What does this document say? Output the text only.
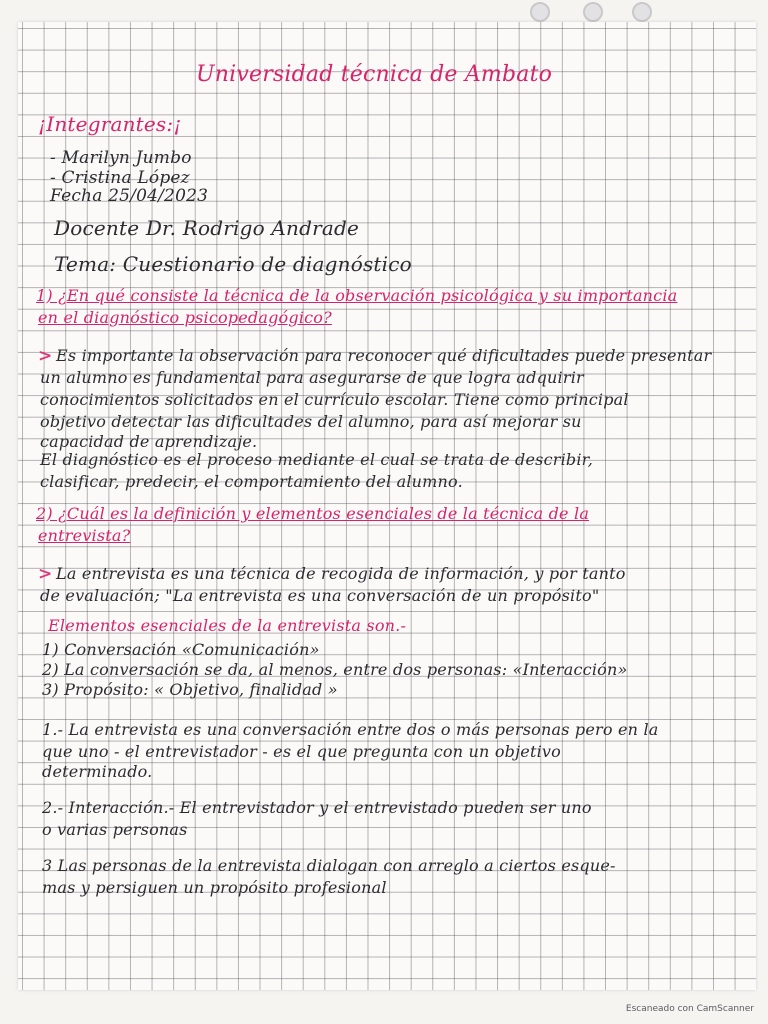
Universidad técnica de Ambato

¡Integrantes:¡

- Marilyn Jumbo

- Cristina López

Fecha 25/04/2023

Docente Dr. Rodrigo Andrade

Tema: Cuestionario de diagnóstico

1) ¿En qué consiste la técnica de la observación psicológica y su importancia

en el diagnóstico psicopedagógico?

> Es importante la observación para reconocer qué dificultades puede presentar

un alumno es fundamental para asegurarse de que logra adquirir

conocimientos solicitados en el currículo escolar. Tiene como principal

objetivo detectar las dificultades del alumno, para así mejorar su

capacidad de aprendizaje.

El diagnóstico es el proceso mediante el cual se trata de describir,

clasificar, predecir, el comportamiento del alumno.

2) ¿Cuál es la definición y elementos esenciales de la técnica de la

entrevista?

> La entrevista es una técnica de recogida de información, y por tanto

de evaluación; "La entrevista es una conversación de un propósito"

Elementos esenciales de la entrevista son.-

1) Conversación «Comunicación»

2) La conversación se da, al menos, entre dos personas: «Interacción»

3) Propósito: « Objetivo, finalidad »

1.- La entrevista es una conversación entre dos o más personas pero en la

que uno - el entrevistador - es el que pregunta con un objetivo

determinado.

2.- Interacción.- El entrevistador y el entrevistado pueden ser uno

o varias personas

3 Las personas de la entrevista dialogan con arreglo a ciertos esque-

mas y persiguen un propósito profesional

Escaneado con CamScanner
